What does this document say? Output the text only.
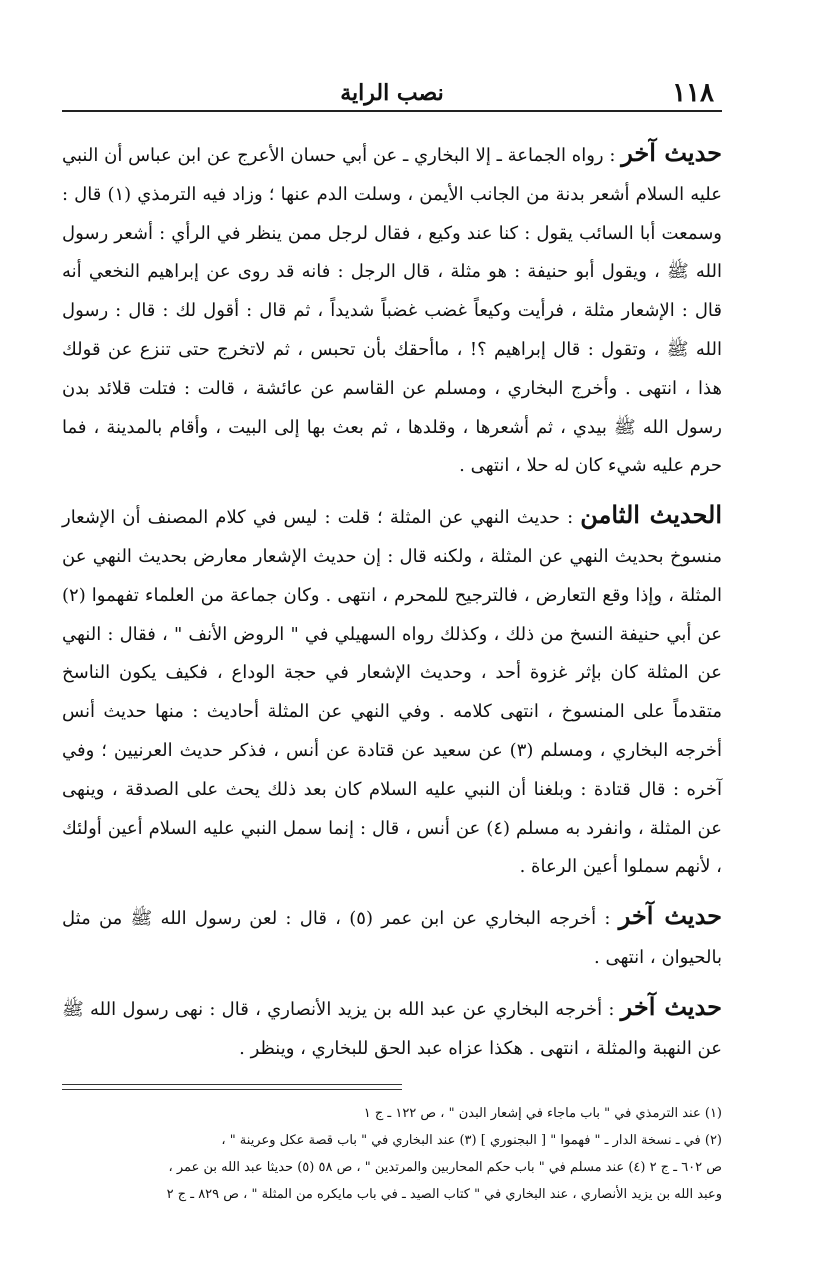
١١٨
نصب الراية

حديث آخر : رواه الجماعة ـ إلا البخاري ـ عن أبي حسان الأعرج عن ابن عباس أن النبي عليه السلام أشعر بدنة من الجانب الأيمن ، وسلت الدم عنها ؛ وزاد فيه الترمذي (١) قال : وسمعت أبا السائب يقول : كنا عند وكيع ، فقال لرجل ممن ينظر في الرأي : أشعر رسول الله ﷺ ، ويقول أبو حنيفة : هو مثلة ، قال الرجل : فانه قد روى عن إبراهيم النخعي أنه قال : الإشعار مثلة ، فرأيت وكيعاً غضب غضباً شديداً ، ثم قال : أقول لك : قال : رسول الله ﷺ ، وتقول : قال إبراهيم ؟! ، ماأحقك بأن تحبس ، ثم لاتخرج حتى تنزع عن قولك هذا ، انتهى . وأخرج البخاري ، ومسلم عن القاسم عن عائشة ، قالت : فتلت قلائد بدن رسول الله ﷺ بيدي ، ثم أشعرها ، وقلدها ، ثم بعث بها إلى البيت ، وأقام بالمدينة ، فما حرم عليه شيء كان له حلا ، انتهى .

الحديث الثامن : حديث النهي عن المثلة ؛ قلت : ليس في كلام المصنف أن الإشعار منسوخ بحديث النهي عن المثلة ، ولكنه قال : إن حديث الإشعار معارض بحديث النهي عن المثلة ، وإذا وقع التعارض ، فالترجيح للمحرم ، انتهى . وكان جماعة من العلماء تفهموا (٢) عن أبي حنيفة النسخ من ذلك ، وكذلك رواه السهيلي في " الروض الأنف " ، فقال : النهي عن المثلة كان بإثر غزوة أحد ، وحديث الإشعار في حجة الوداع ، فكيف يكون الناسخ متقدماً على المنسوخ ، انتهى كلامه . وفي النهي عن المثلة أحاديث : منها حديث أنس أخرجه البخاري ، ومسلم (٣) عن سعيد عن قتادة عن أنس ، فذكر حديث العرنيين ؛ وفي آخره : قال قتادة : وبلغنا أن النبي عليه السلام كان بعد ذلك يحث على الصدقة ، وينهى عن المثلة ، وانفرد به مسلم (٤) عن أنس ، قال : إنما سمل النبي عليه السلام أعين أولئك ، لأنهم سملوا أعين الرعاة .

حديث آخر : أخرجه البخاري عن ابن عمر (٥) ، قال : لعن رسول الله ﷺ من مثل بالحيوان ، انتهى .

حديث آخر : أخرجه البخاري عن عبد الله بن يزيد الأنصاري ، قال : نهى رسول الله ﷺ عن النهبة والمثلة ، انتهى . هكذا عزاه عبد الحق للبخاري ، وينظر .

(١) عند الترمذي في " باب ماجاء في إشعار البدن " ، ص ١٢٢ ـ ج ١

(٢) في ـ نسخة الدار ـ " فهموا " [ البجنوري ] (٣) عند البخاري في " باب قصة عكل وعرينة " ،

ص ٦٠٢ ـ ج ٢ (٤) عند مسلم في " باب حكم المحاربين والمرتدين " ، ص ٥٨ (٥) حديثا عبد الله بن عمر ،

وعبد الله بن يزيد الأنصاري ، عند البخاري في " كتاب الصيد ـ في باب مايكره من المثلة " ، ص ٨٢٩ ـ ج ٢
